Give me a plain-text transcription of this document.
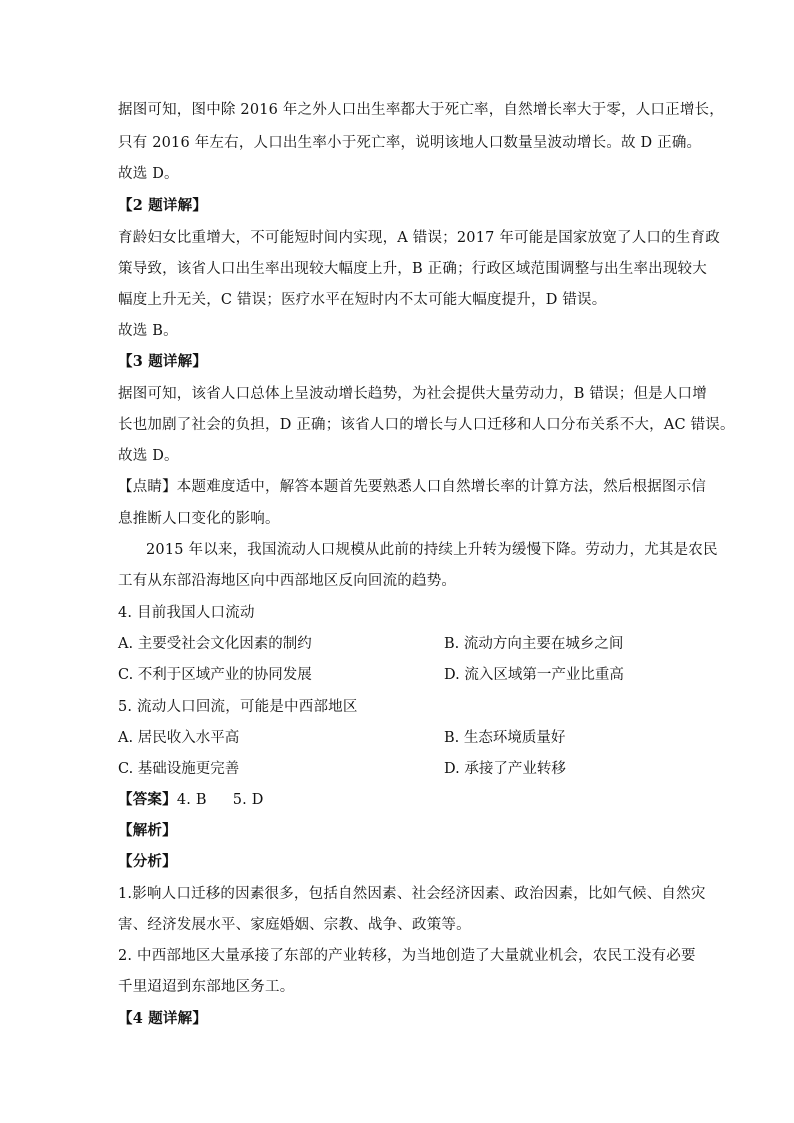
据图可知，图中除 2016 年之外人口出生率都大于死亡率，自然增长率大于零，人口正增长，
只有 2016 年左右，人口出生率小于死亡率，说明该地人口数量呈波动增长。故 D 正确。
故选 D。
【2 题详解】
育龄妇女比重增大，不可能短时间内实现，A 错误；2017 年可能是国家放宽了人口的生育政
策导致，该省人口出生率出现较大幅度上升，B 正确；行政区域范围调整与出生率出现较大
幅度上升无关，C 错误；医疗水平在短时内不太可能大幅度提升，D 错误。
故选 B。
【3 题详解】
据图可知，该省人口总体上呈波动增长趋势，为社会提供大量劳动力，B 错误；但是人口增
长也加剧了社会的负担，D 正确；该省人口的增长与人口迁移和人口分布关系不大，AC 错误。
故选 D。
【点睛】本题难度适中，解答本题首先要熟悉人口自然增长率的计算方法，然后根据图示信
息推断人口变化的影响。
2015 年以来，我国流动人口规模从此前的持续上升转为缓慢下降。劳动力，尤其是农民
工有从东部沿海地区向中西部地区反向回流的趋势。
4. 目前我国人口流动
A. 主要受社会文化因素的制约	B. 流动方向主要在城乡之间
C. 不利于区域产业的协同发展	D. 流入区域第一产业比重高
5. 流动人口回流，可能是中西部地区
A. 居民收入水平高	B. 生态环境质量好
C. 基础设施更完善	D. 承接了产业转移
【答案】4. B 5. D
【解析】
【分析】
1.影响人口迁移的因素很多，包括自然因素、社会经济因素、政治因素，比如气候、自然灾
害、经济发展水平、家庭婚姻、宗教、战争、政策等。
2. 中西部地区大量承接了东部的产业转移，为当地创造了大量就业机会，农民工没有必要
千里迢迢到东部地区务工。
【4 题详解】
